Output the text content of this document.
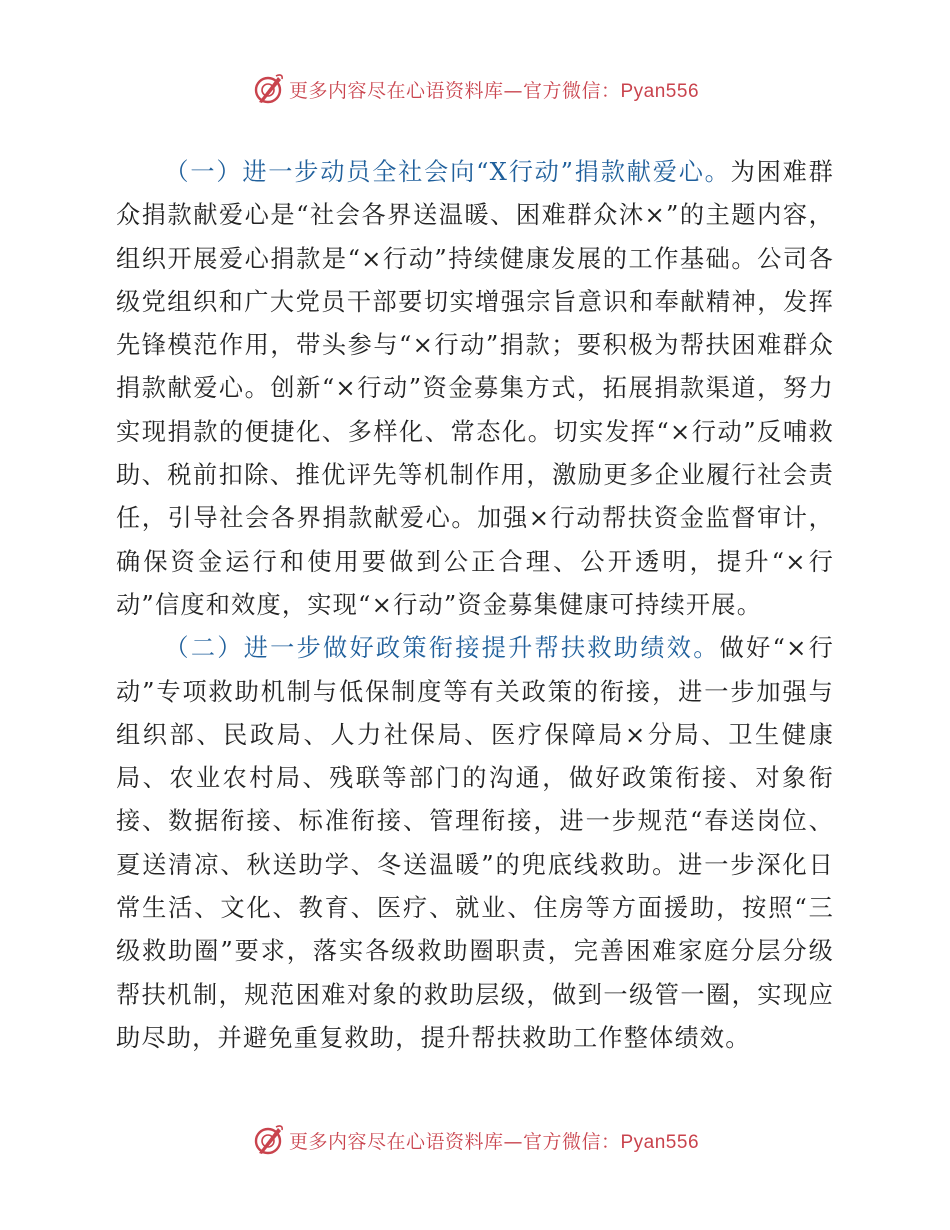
更多内容尽在心语资料库—官方微信：Pyan556

（一）进一步动员全社会向“X行动”捐款献爱心。为困难群众捐款献爱心是“社会各界送温暖、困难群众沐×”的主题内容，组织开展爱心捐款是“×行动”持续健康发展的工作基础。公司各级党组织和广大党员干部要切实增强宗旨意识和奉献精神，发挥先锋模范作用，带头参与“×行动”捐款；要积极为帮扶困难群众捐款献爱心。创新“×行动”资金募集方式，拓展捐款渠道，努力实现捐款的便捷化、多样化、常态化。切实发挥“×行动”反哺救助、税前扣除、推优评先等机制作用，激励更多企业履行社会责任，引导社会各界捐款献爱心。加强×行动帮扶资金监督审计，确保资金运行和使用要做到公正合理、公开透明，提升“×行动”信度和效度，实现“×行动”资金募集健康可持续开展。

（二）进一步做好政策衔接提升帮扶救助绩效。做好“×行动”专项救助机制与低保制度等有关政策的衔接，进一步加强与组织部、民政局、人力社保局、医疗保障局×分局、卫生健康局、农业农村局、残联等部门的沟通，做好政策衔接、对象衔接、数据衔接、标准衔接、管理衔接，进一步规范“春送岗位、夏送清凉、秋送助学、冬送温暖”的兜底线救助。进一步深化日常生活、文化、教育、医疗、就业、住房等方面援助，按照“三级救助圈”要求，落实各级救助圈职责，完善困难家庭分层分级帮扶机制，规范困难对象的救助层级，做到一级管一圈，实现应助尽助，并避免重复救助，提升帮扶救助工作整体绩效。

更多内容尽在心语资料库—官方微信：Pyan556
